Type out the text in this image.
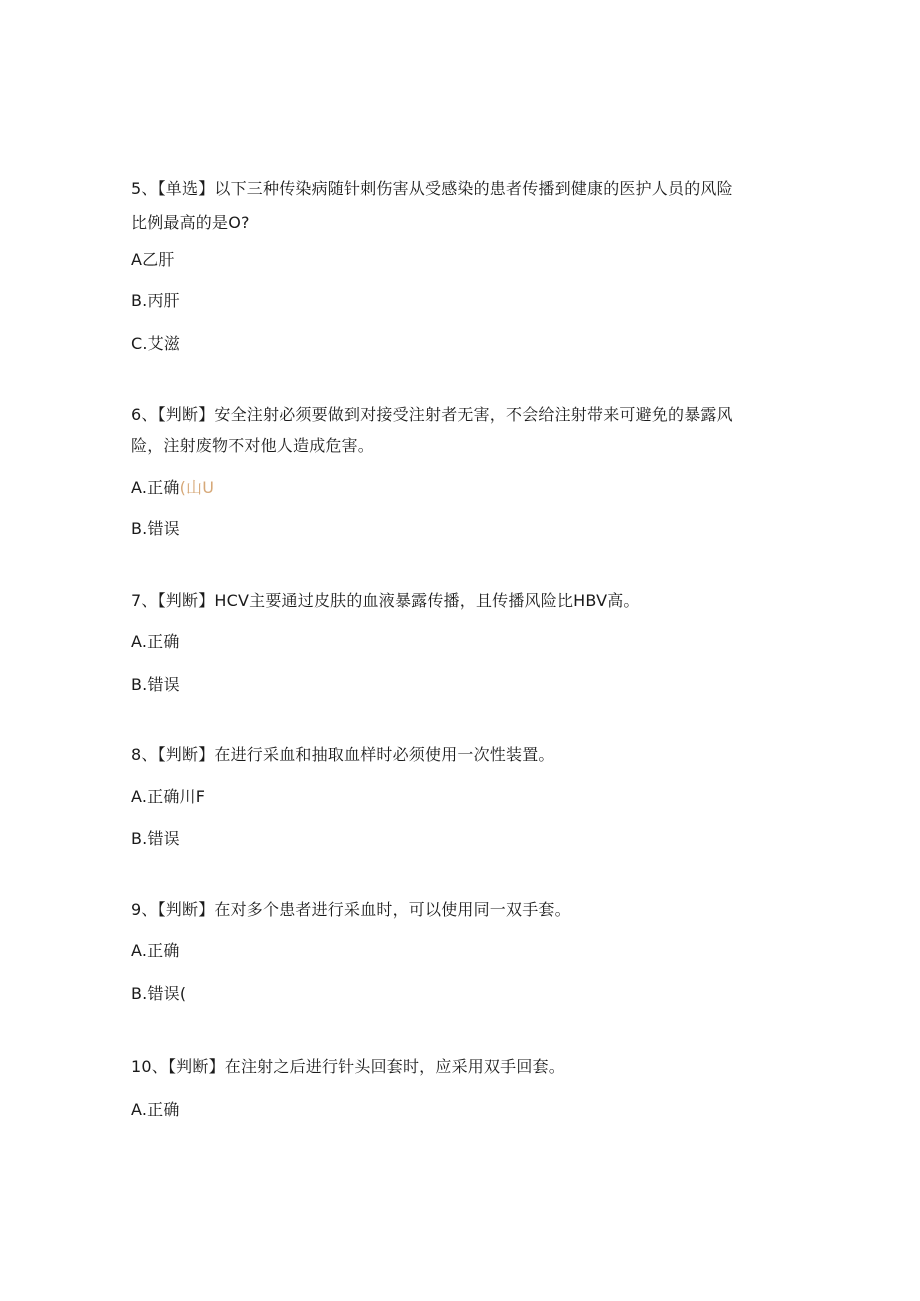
5、【单选】以下三种传染病随针刺伤害从受感染的患者传播到健康的医护人员的风险
比例最高的是O?
A乙肝
B.丙肝
C.艾滋
6、【判断】安全注射必须要做到对接受注射者无害，不会给注射带来可避免的暴露风
险，注射废物不对他人造成危害。
A.正确(山U
B.错误
7、【判断】HCV主要通过皮肤的血液暴露传播，且传播风险比HBV高。
A.正确
B.错误
8、【判断】在进行采血和抽取血样时必须使用一次性装置。
A.正确川F
B.错误
9、【判断】在对多个患者进行采血时，可以使用同一双手套。
A.正确
B.错误(
10、【判断】在注射之后进行针头回套时，应采用双手回套。
A.正确
